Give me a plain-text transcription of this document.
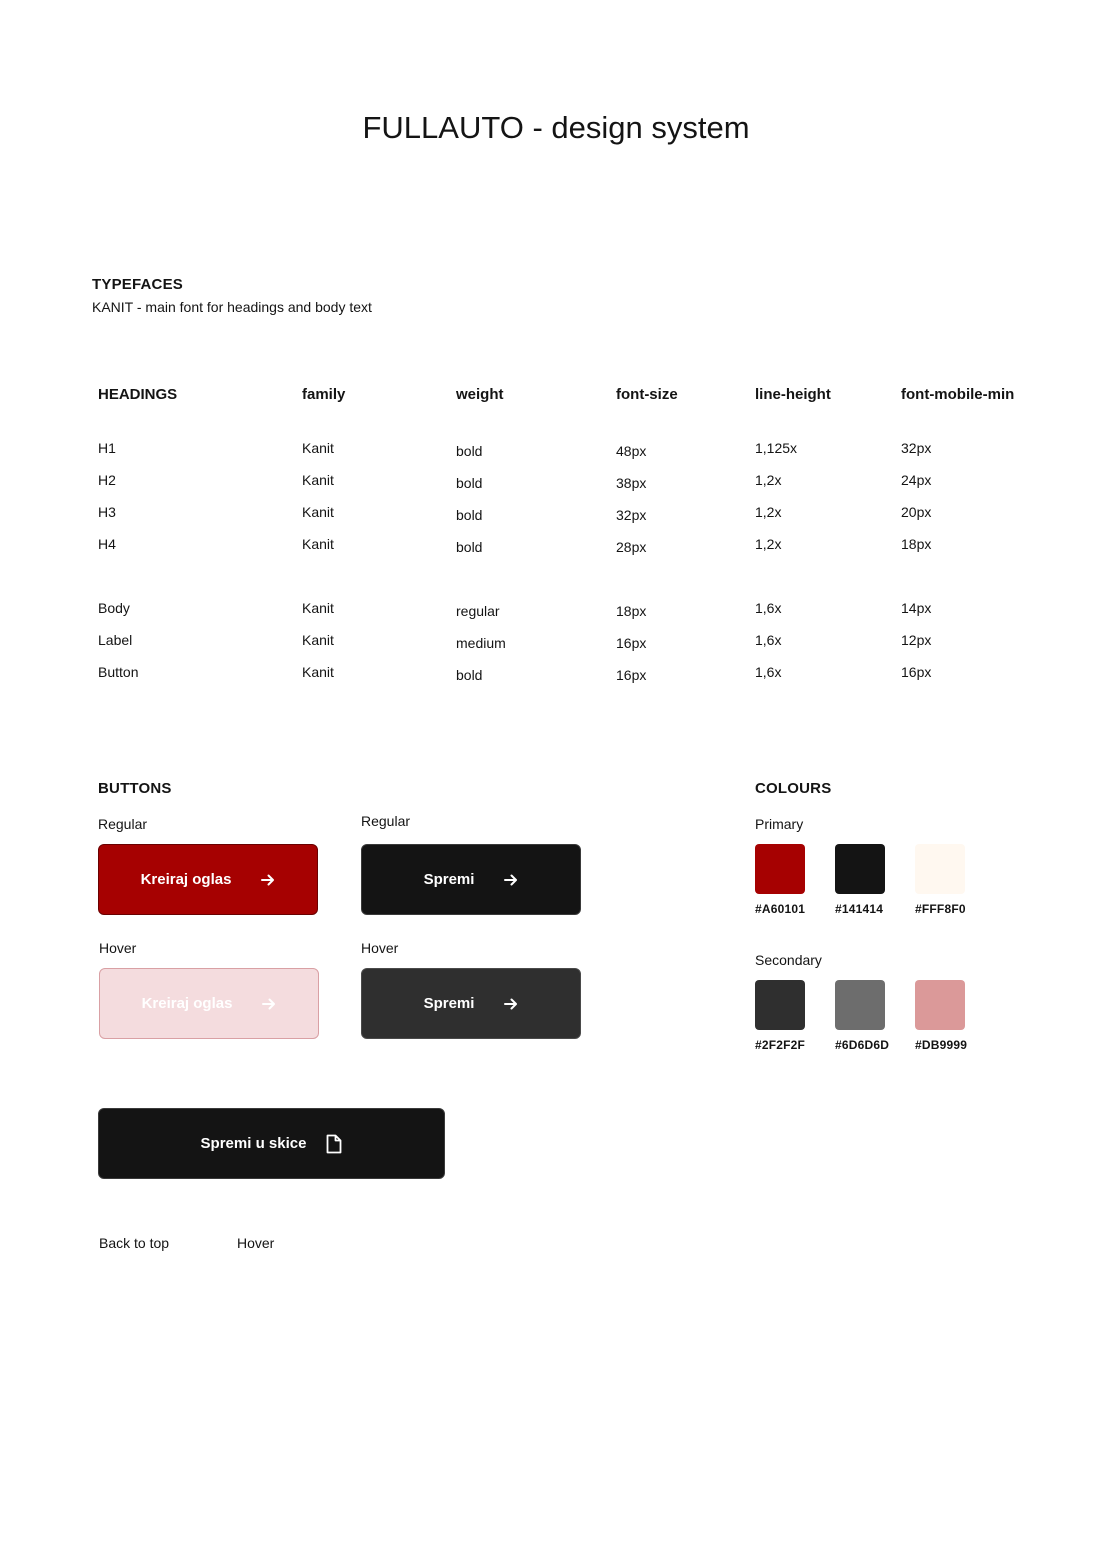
FULLAUTO - design system
TYPEFACES
KANIT - main font for headings and body text
HEADINGS	family	weight	font-size	line-height	font-mobile-min
H1	Kanit	bold	48px	1,125x	32px
H2	Kanit	bold	38px	1,2x	24px
H3	Kanit	bold	32px	1,2x	20px
H4	Kanit	bold	28px	1,2x	18px
Body	Kanit	regular	18px	1,6x	14px
Label	Kanit	medium	16px	1,6x	12px
Button	Kanit	bold	16px	1,6x	16px
BUTTONS
Regular	Regular
Kreiraj oglas	Spremi
Hover	Hover
Kreiraj oglas	Spremi
Spremi u skice
Back to top	Hover
COLOURS
Primary
Secondary
#A60101 #141414	#FFF8F0
#2F2F2F #6D6D6D #DB9999
